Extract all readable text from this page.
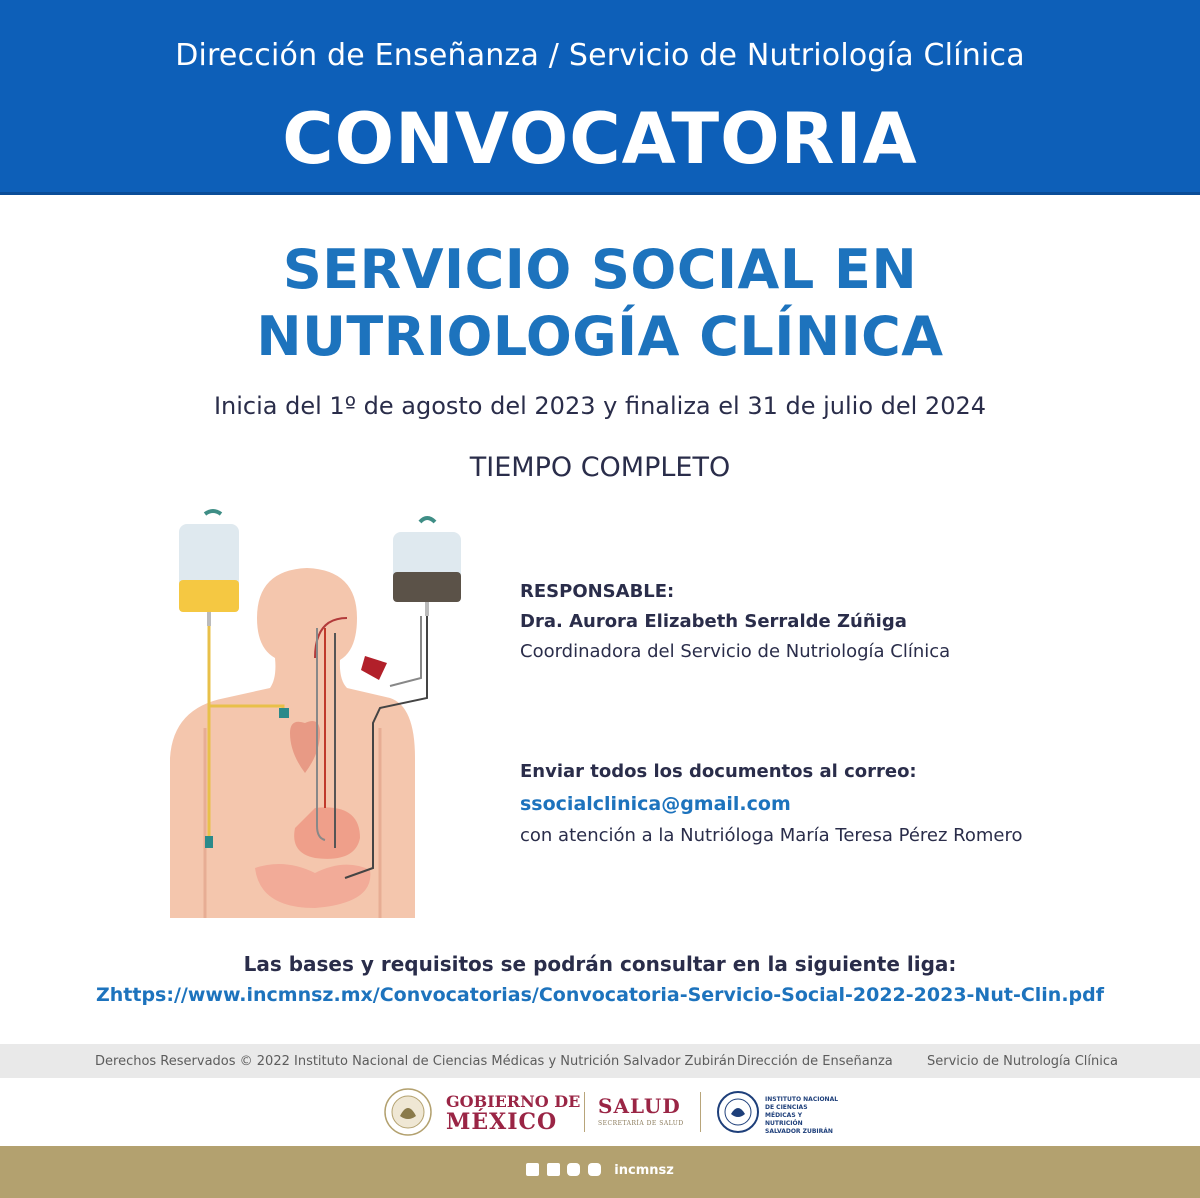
Dirección de Enseñanza / Servicio de Nutriología Clínica
CONVOCATORIA
SERVICIO SOCIAL EN
NUTRIOLOGÍA CLÍNICA
Inicia del 1º de agosto del 2023 y finaliza el 31 de julio del 2024
TIEMPO COMPLETO
RESPONSABLE:
Dra. Aurora Elizabeth Serralde Zúñiga
Coordinadora del Servicio de Nutriología Clínica
Enviar todos los documentos al correo:
ssocialclinica@gmail.com
con atención a la Nutrióloga María Teresa Pérez Romero
Las bases y requisitos se podrán consultar en la siguiente liga:
Zhttps://www.incmnsz.mx/Convocatorias/Convocatoria-Servicio-Social-2022-2023-Nut-Clin.pdf
Derechos Reservados © 2022 Instituto Nacional de Ciencias Médicas y Nutrición Salvador Zubirán Dirección de Enseñanza	Servicio de Nutrología Clínica
GOBIERNO DE
MÉXICO
SALUD
SECRETARÍA DE SALUD
INSTITUTO NACIONAL DE CIENCIAS MÉDICAS Y NUTRICIÓN SALVADOR ZUBIRÁN
incmnsz
